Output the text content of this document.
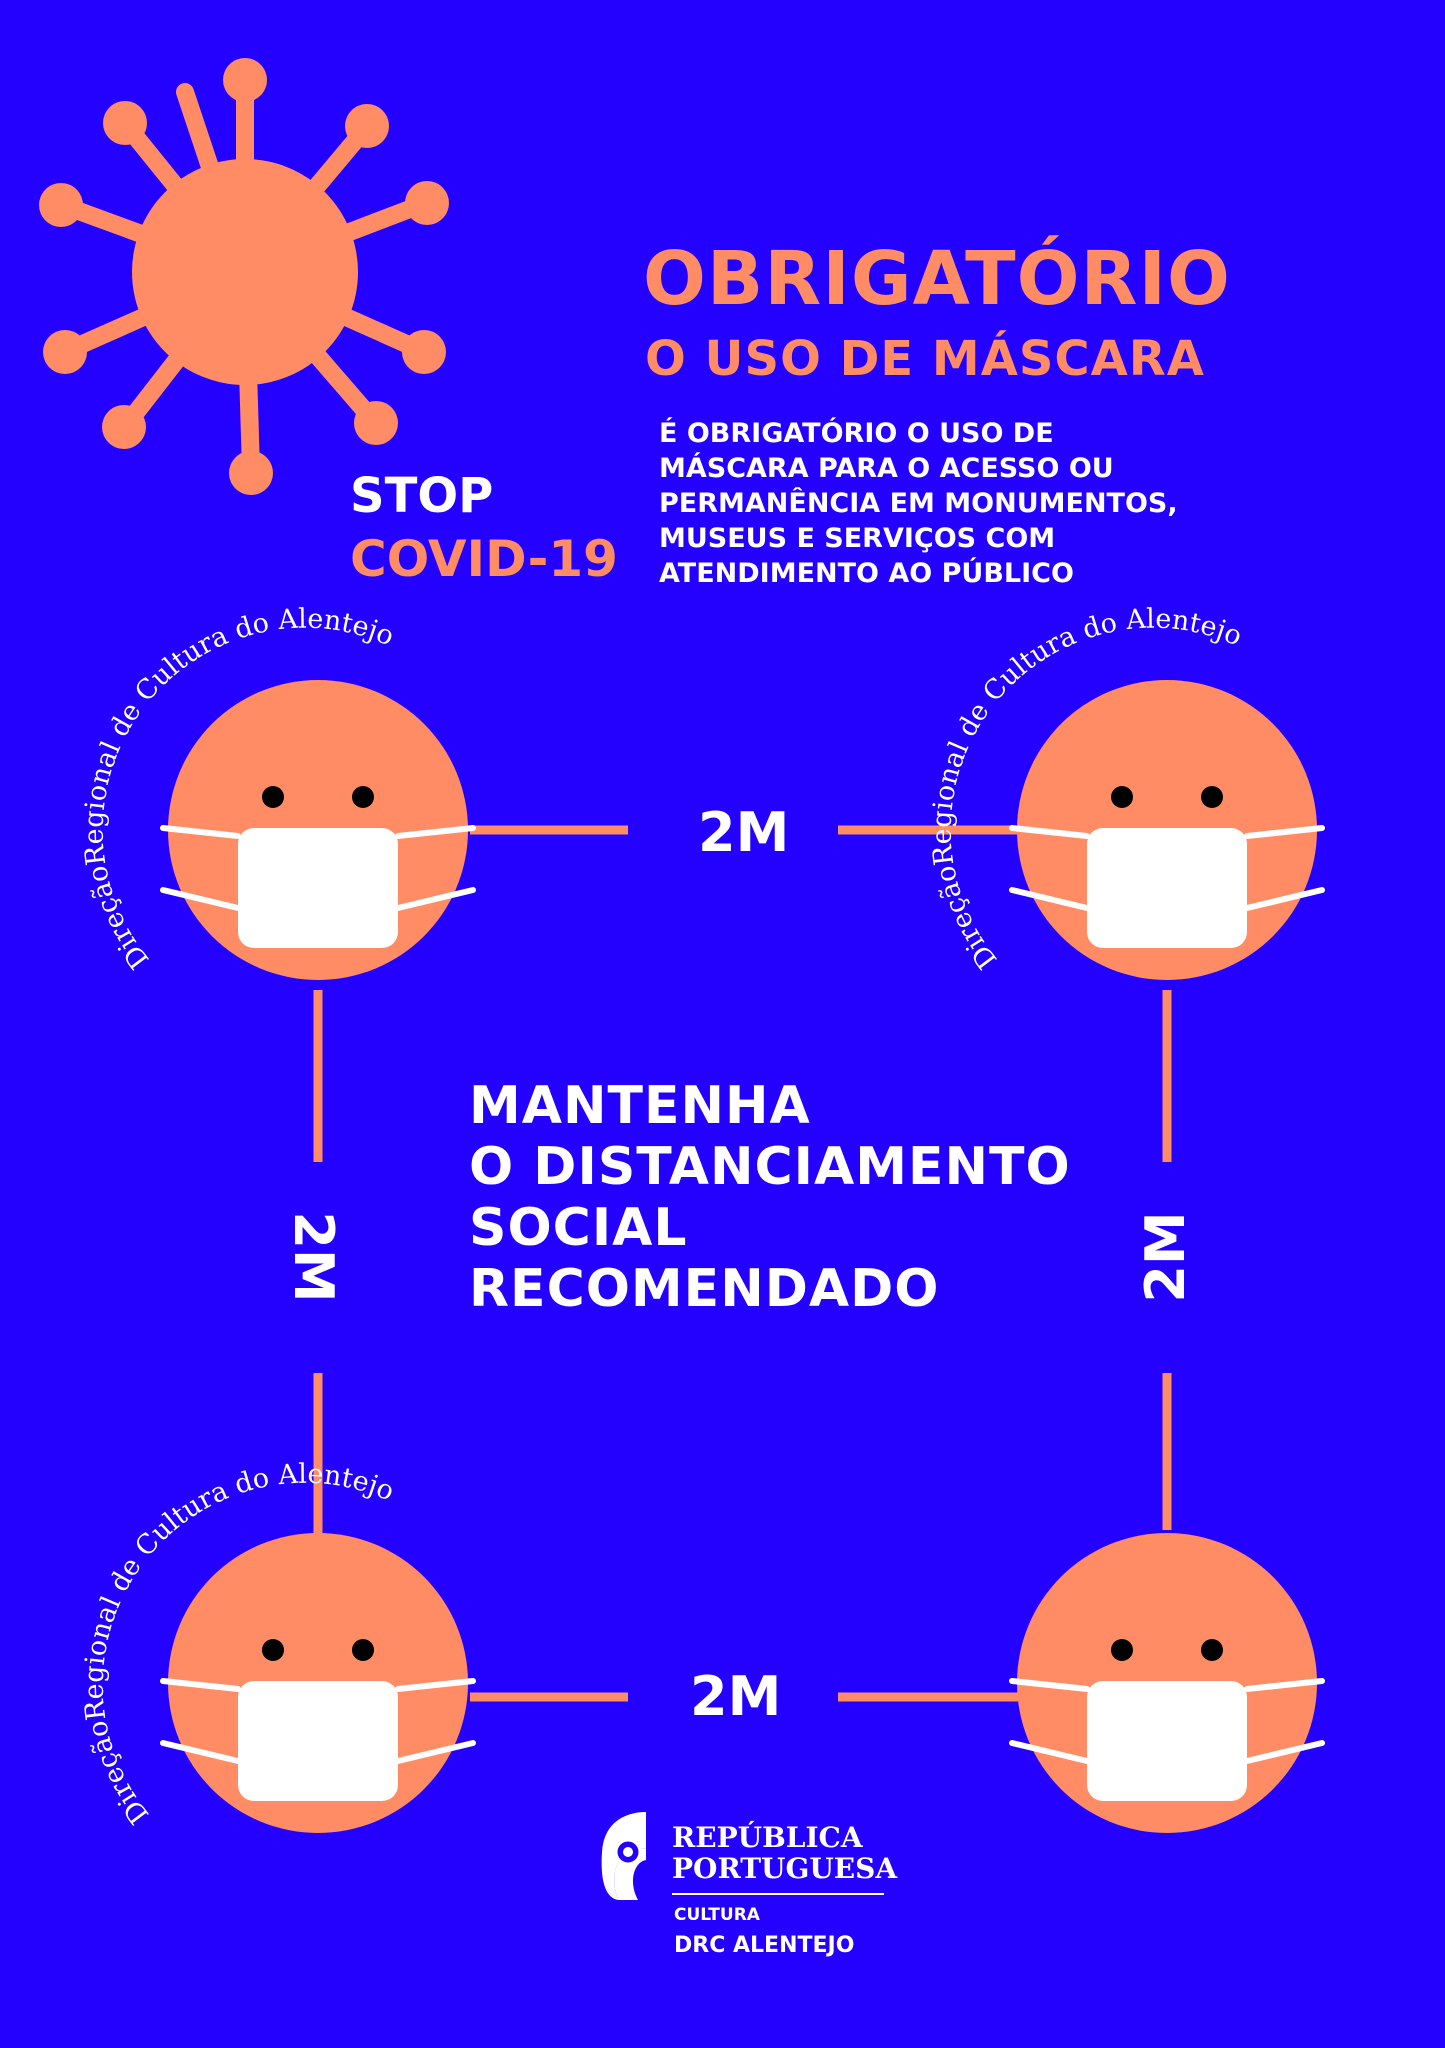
DireçãoRegional de Cultura do Alentejo
DireçãoRegional de Cultura do Alentejo
DireçãoRegional de Cultura do Alentejo
OBRIGATÓRIO
O USO DE MÁSCARA
É OBRIGATÓRIO O USO DE
MÁSCARA PARA O ACESSO OU
PERMANÊNCIA EM MONUMENTOS,
MUSEUS E SERVIÇOS COM
ATENDIMENTO AO PÚBLICO
STOP
COVID-19
2M
2M
2M	2M
MANTENHA
O DISTANCIAMENTO
SOCIAL
RECOMENDADO
REPÚBLICA
PORTUGUESA
CULTURA
DRC ALENTEJO
